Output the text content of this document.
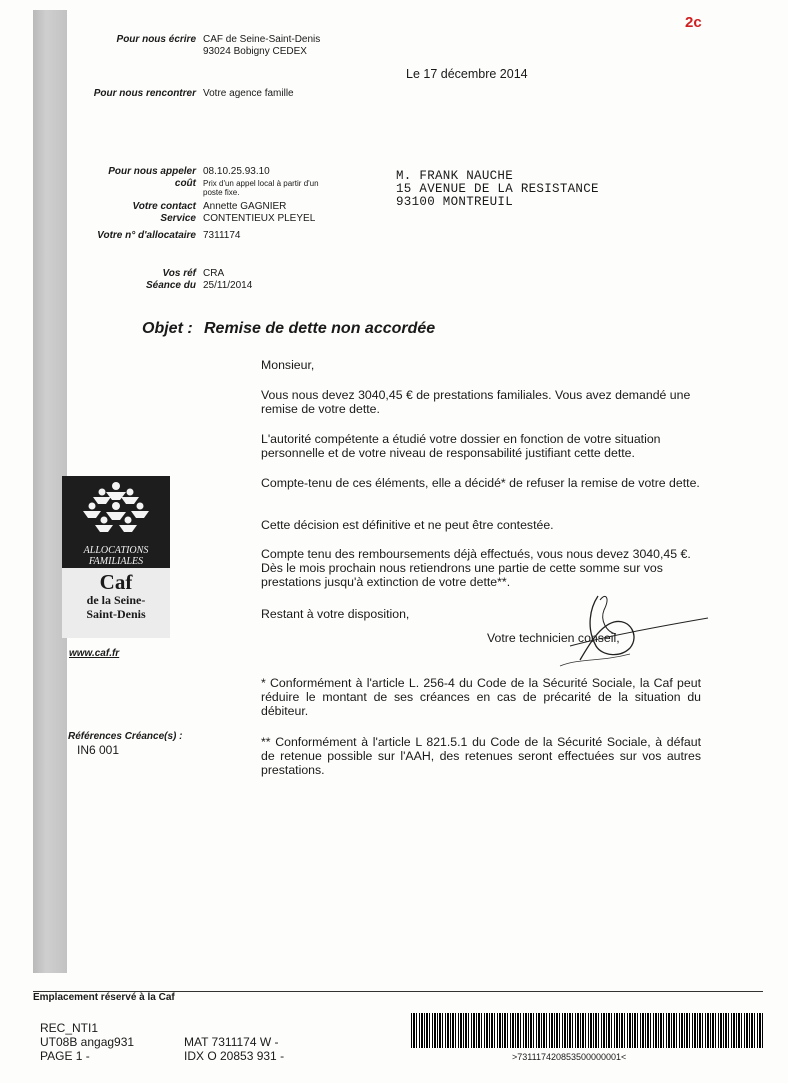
2c
Pour nous écrire CAF de Seine-Saint-Denis
93024 Bobigny CEDEX
Le 17 décembre 2014
Pour nous rencontrer Votre agence famille
Pour nous appeler 08.10.25.93.10
coût Prix d'un appel local à partir d'un
poste fixe.
Votre contact Annette GAGNIER
Service CONTENTIEUX PLEYEL
Votre n° d'allocataire 7311174
Vos réf CRA
Séance du 25/11/2014
M. FRANK NAUCHE
15 AVENUE DE LA RESISTANCE
93100 MONTREUIL
Objet : Remise de dette non accordée
Monsieur,
Vous nous devez 3040,45 € de prestations familiales. Vous avez demandé une remise de votre dette.
L'autorité compétente a étudié votre dossier en fonction de votre situation personnelle et de votre niveau de responsabilité justifiant cette dette.
Compte-tenu de ces éléments, elle a décidé* de refuser la remise de votre dette.
Cette décision est définitive et ne peut être contestée.
Compte tenu des remboursements déjà effectués, vous nous devez 3040,45 €. Dès le mois prochain nous retiendrons une partie de cette somme sur vos prestations jusqu'à extinction de votre dette**.
Restant à votre disposition,
Votre technicien conseil,
* Conformément à l'article L. 256-4 du Code de la Sécurité Sociale, la Caf peut réduire le montant de ses créances en cas de précarité de la situation du débiteur.
** Conformément à l'article L 821.5.1 du Code de la Sécurité Sociale, à défaut de retenue possible sur l'AAH, des retenues seront effectuées sur vos autres prestations.
ALLOCATIONS
FAMILIALES
Caf
de la Seine-
Saint-Denis
www.caf.fr
Références Créance(s) :
IN6 001
Emplacement réservé à la Caf
REC_NTI1
UT08B angag931
PAGE 1 -
MAT 7311174 W -
IDX O 20853 931 -	>731117420853500000001<
